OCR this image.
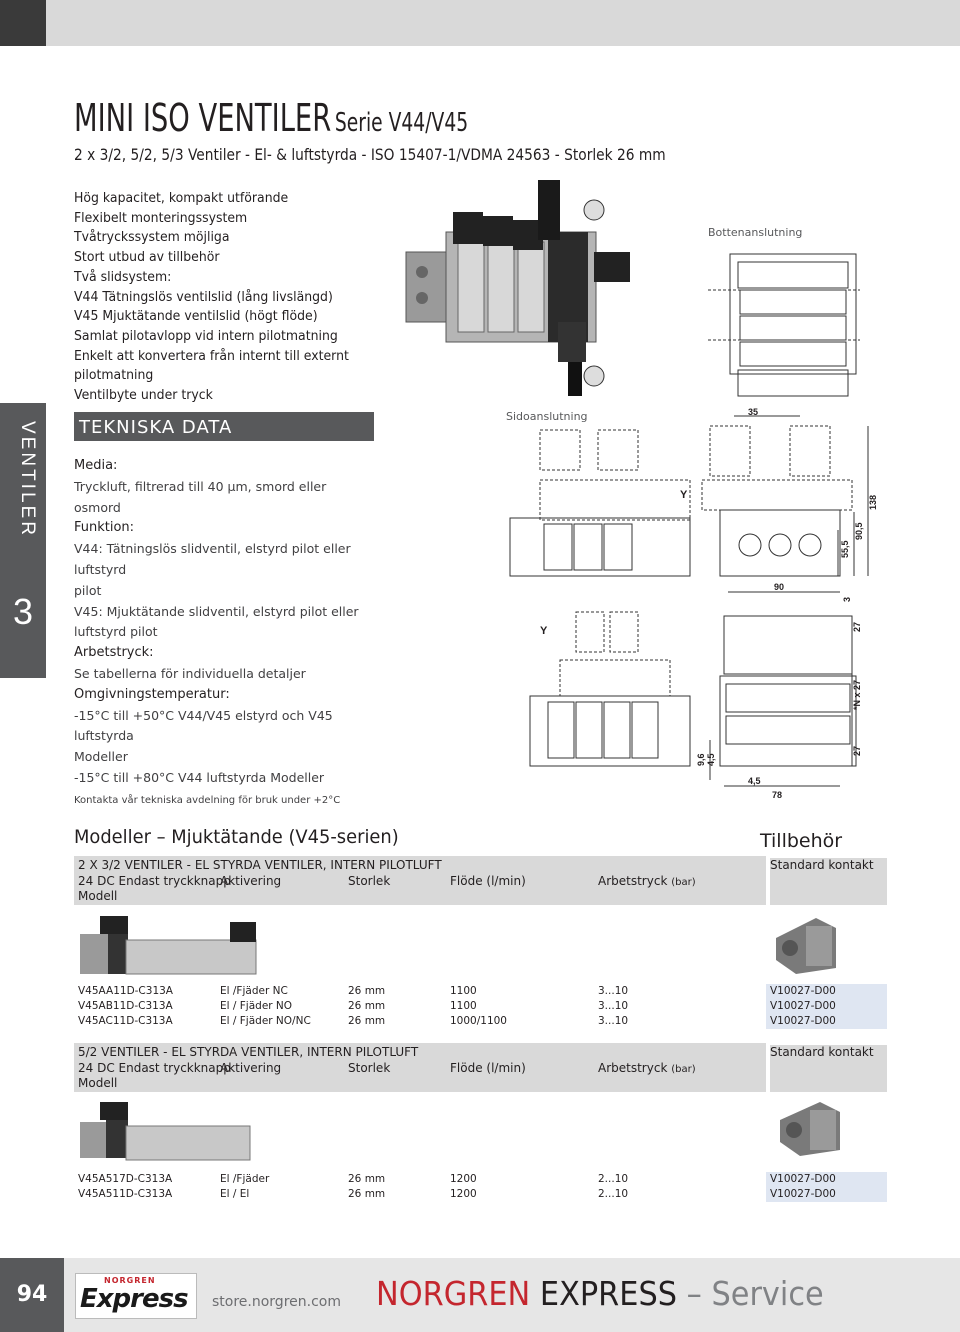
VENTILER
3
MINI ISO VENTILER Serie V44/V45
2 x 3/2, 5/2, 5/3 Ventiler - El- & luftstyrda - ISO 15407-1/VDMA 24563 - Storlek 26 mm
Hög kapacitet, kompakt utförande
Flexibelt monteringssystem
Tvåtryckssystem möjliga
Stort utbud av tillbehör
Två slidsystem:
V44 Tätningslös ventilslid (lång livslängd)
V45 Mjuktätande ventilslid (högt flöde)
Samlat pilotavlopp vid intern pilotmatning
Enkelt att konvertera från internt till externt
pilotmatning
Ventilbyte under tryck
TEKNISKA DATA
Media:
Tryckluft, filtrerad till 40 µm, smord eller osmord
Funktion:
V44: Tätningslös slidventil, elstyrd pilot eller luftstyrd
pilot
V45: Mjuktätande slidventil, elstyrd pilot eller
luftstyrd pilot
Arbetstryck:
Se tabellerna för individuella detaljer
Omgivningstemperatur:
-15°C till +50°C V44/V45 elstyrd och V45 luftstyrda
Modeller
-15°C till +80°C V44 luftstyrda Modeller
Kontakta vår tekniska avdelning för bruk under +2°C
Bottenanslutning
Sidoanslutning	35
138
90,5
55,5
90
3
27
*N x 27
27
9,6 4,5
4,5
78
Y
Y
Modeller – Mjuktätande (V45-serien)	Tillbehör
2 X 3/2 VENTILER - EL STYRDA VENTILER, INTERN PILOTLUFT
24 DC Endast tryckknapp
Aktivering	Storlek	Flöde (l/min)	Arbetstryck (bar)
Modell
Standard kontakt
V45AA11D-C313A	El /Fjäder NC	26 mm	1100	3...10	V10027-D00
V45AB11D-C313A	El / Fjäder NO	26 mm	1100	3...10	V10027-D00
V45AC11D-C313A	El / Fjäder NO/NC	26 mm	1000/1100	3...10	V10027-D00
5/2 VENTILER - EL STYRDA VENTILER, INTERN PILOTLUFT
24 DC Endast tryckknapp
Aktivering	Storlek	Flöde (l/min)	Arbetstryck (bar)
Modell
Standard kontakt
V45A517D-C313A	El /Fjäder	26 mm	1200	2...10	V10027-D00
V45A511D-C313A	El / El	26 mm	1200	2...10	V10027-D00
94
NORGREN
Express store.norgren.com NORGREN EXPRESS – Service
